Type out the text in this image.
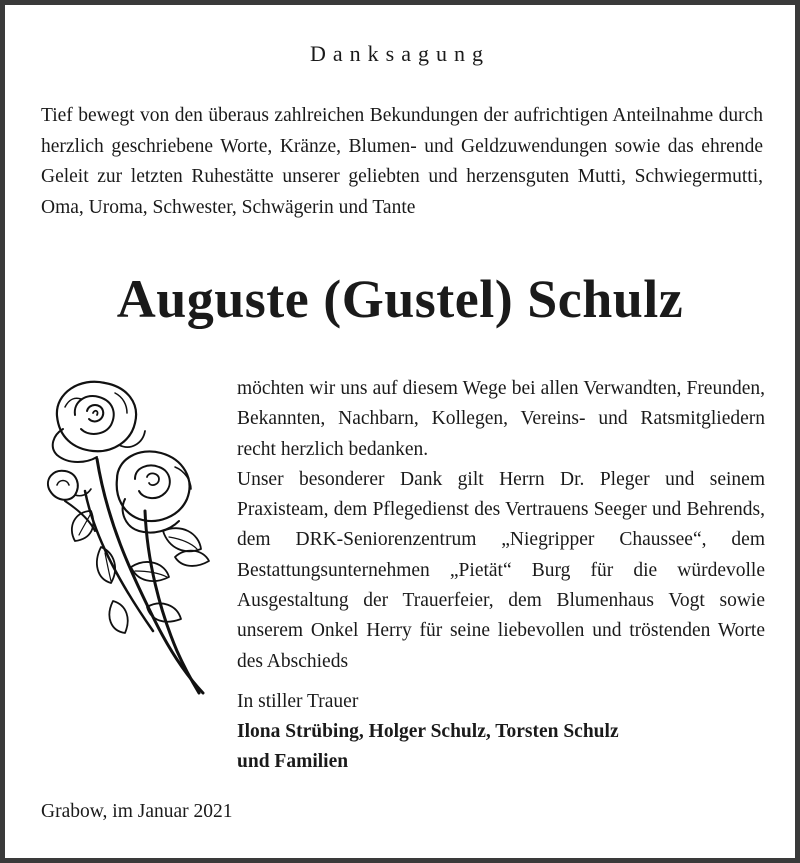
Danksagung
Tief bewegt von den überaus zahlreichen Bekundungen der aufrichtigen Anteilnahme durch herzlich geschriebene Worte, Kränze, Blumen- und Geldzuwendungen sowie das ehrende Geleit zur letzten Ruhestätte unserer geliebten und herzensguten Mutti, Schwiegermutti, Oma, Uroma, Schwester, Schwägerin und Tante
Auguste (Gustel) Schulz

möchten wir uns auf diesem Wege bei allen Verwandten, Freunden, Bekannten, Nachbarn, Kollegen, Vereins- und Ratsmitgliedern recht herzlich bedanken.

Unser besonderer Dank gilt Herrn Dr. Pleger und seinem Praxisteam, dem Pflegedienst des Vertrauens Seeger und Behrends, dem DRK-Seniorenzentrum „Niegripper Chaussee“, dem Bestattungsunternehmen „Pietät“ Burg für die würdevolle Ausgestaltung der Trauerfeier, dem Blumenhaus Vogt sowie unserem Onkel Herry für seine liebevollen und tröstenden Worte des Abschieds

In stiller Trauer
Ilona Strübing, Holger Schulz, Torsten Schulz
und Familien
Grabow, im Januar 2021
